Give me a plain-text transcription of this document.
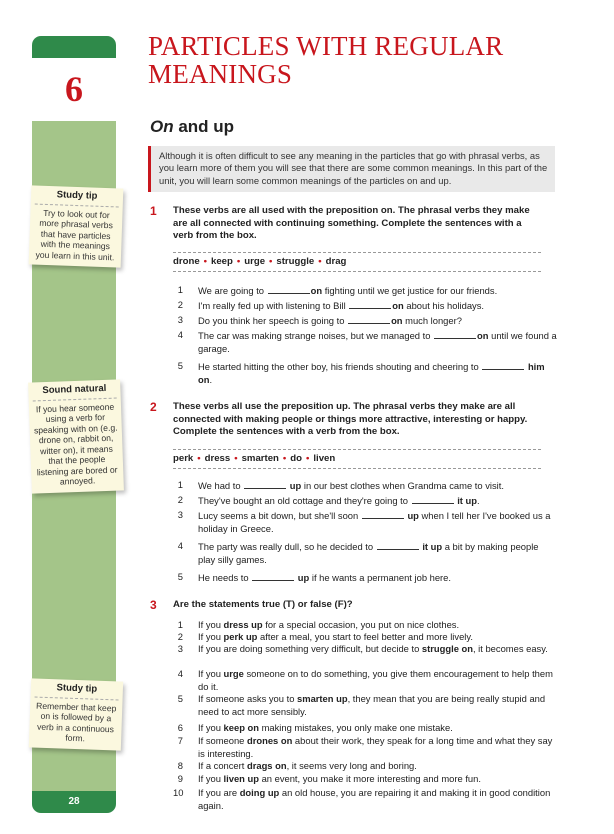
6
28
Study tip
Try to look out for more phrasal verbs that have particles with the meanings you learn in this unit.
Sound natural
If you hear someone using a verb for speaking with on (e.g. drone on, rabbit on, witter on), it means that the people listening are bored or annoyed.
Study tip
Remember that keep on is followed by a verb in a continuous form.
PARTICLES WITH REGULAR MEANINGS
On and up
Although it is often difficult to see any meaning in the particles that go with phrasal verbs, as you learn more of them you will see that there are some common meanings. In this part of the unit, you will learn some common meanings of the particles on and up.
1 These verbs are all used with the preposition on. The phrasal verbs they make are all connected with continuing something. Complete the sentences with a verb from the box.
drone • keep • urge • struggle • drag
1 We are going to	on fighting until we get justice for our friends.
2 I'm really fed up with listening to Bill	on about his holidays.
3 Do you think her speech is going to	on much longer?
4 The car was making strange noises, but we managed to	on until we found a garage.
5 He started hitting the other boy, his friends shouting and cheering to	him on.
2 These verbs all use the preposition up. The phrasal verbs they make are all connected with making people or things more attractive, interesting or happy. Complete the sentences with a verb from the box.
perk • dress • smarten • do • liven
1 We had to	up in our best clothes when Grandma came to visit.
2 They've bought an old cottage and they're going to	it up.
3 Lucy seems a bit down, but she'll soon	up when I tell her I've booked us a holiday in Greece.
4 The party was really dull, so he decided to	it up a bit by making people play silly games.
5 He needs to	up if he wants a permanent job here.
3 Are the statements true (T) or false (F)?
1 If you dress up for a special occasion, you put on nice clothes.
2 If you perk up after a meal, you start to feel better and more lively.
3 If you are doing something very difficult, but decide to struggle on, it becomes easy.
4 If you urge someone on to do something, you give them encouragement to help them do it.
5 If someone asks you to smarten up, they mean that you are being really stupid and need to act more sensibly.
6 If you keep on making mistakes, you only make one mistake.
7 If someone drones on about their work, they speak for a long time and what they say is interesting.
8 If a concert drags on, it seems very long and boring.
9 If you liven up an event, you make it more interesting and more fun.
10 If you are doing up an old house, you are repairing it and making it in good condition again.
